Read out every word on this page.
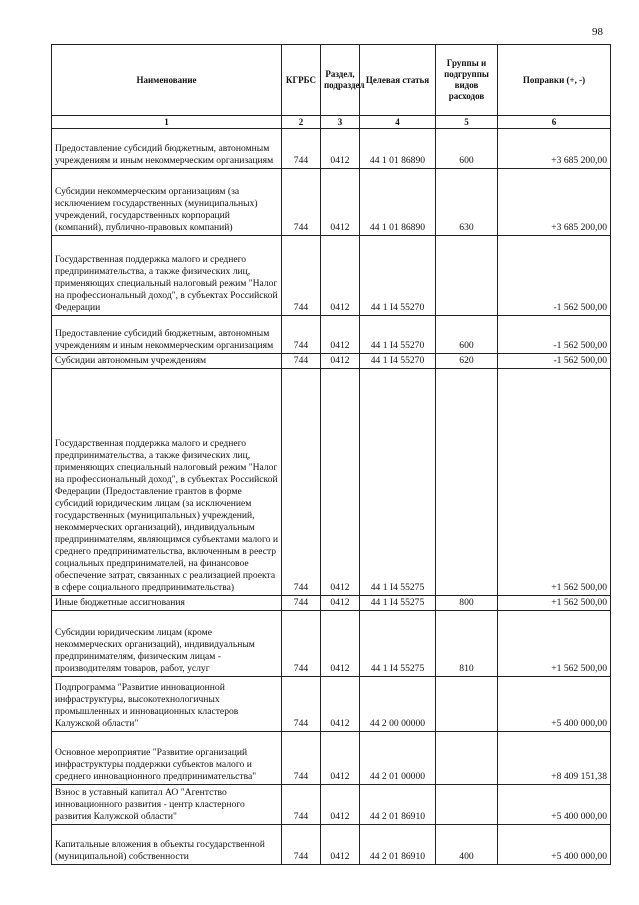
98
Наименование	КГРБС	Раздел, подраздел	Целевая статья	Группы и подгруппы видов расходов	Поправки (+, -)
1	2	3	4	5	6
Предоставление субсидий бюджетным, автономным учреждениям и иным некоммерческим организациям	744	0412	44 1 01 86890	600	+3 685 200,00
Субсидии некоммерческим организациям (за исключением государственных (муниципальных) учреждений, государственных корпораций (компаний), публично-правовых компаний)	744	0412	44 1 01 86890	630	+3 685 200,00
Государственная поддержка малого и среднего предпринимательства, а также физических лиц, применяющих специальный налоговый режим "Налог на профессиональный доход", в субъектах Российской Федерации	744	0412	44 1 I4 55270		-1 562 500,00
Предоставление субсидий бюджетным, автономным учреждениям и иным некоммерческим организациям	744	0412	44 1 I4 55270	600	-1 562 500,00
Субсидии автономным учреждениям	744	0412	44 1 I4 55270	620	-1 562 500,00
Государственная поддержка малого и среднего предпринимательства, а также физических лиц, применяющих специальный налоговый режим "Налог на профессиональный доход", в субъектах Российской Федерации (Предоставление грантов в форме субсидий юридическим лицам (за исключением государственных (муниципальных) учреждений, некоммерческих организаций), индивидуальным предпринимателям, являющимся субъектами малого и среднего предпринимательства, включенным в реестр социальных предпринимателей, на финансовое обеспечение затрат, связанных с реализацией проекта в сфере социального предпринимательства)	744	0412	44 1 I4 55275		+1 562 500,00
Иные бюджетные ассигнования	744	0412	44 1 I4 55275	800	+1 562 500,00
Субсидии юридическим лицам (кроме некоммерческих организаций), индивидуальным предпринимателям, физическим лицам - производителям товаров, работ, услуг	744	0412	44 1 I4 55275	810	+1 562 500,00
Подпрограмма "Развитие инновационной инфраструктуры, высокотехнологичных промышленных и инновационных кластеров Калужской области"	744	0412	44 2 00 00000		+5 400 000,00
Основное мероприятие "Развитие организаций инфраструктуры поддержки субъектов малого и среднего инновационного предпринимательства"	744	0412	44 2 01 00000		+8 409 151,38
Взнос в уставный капитал АО "Агентство инновационного развития - центр кластерного развития Калужской области"	744	0412	44 2 01 86910		+5 400 000,00
Капитальные вложения в объекты государственной (муниципальной) собственности	744	0412	44 2 01 86910	400	+5 400 000,00
